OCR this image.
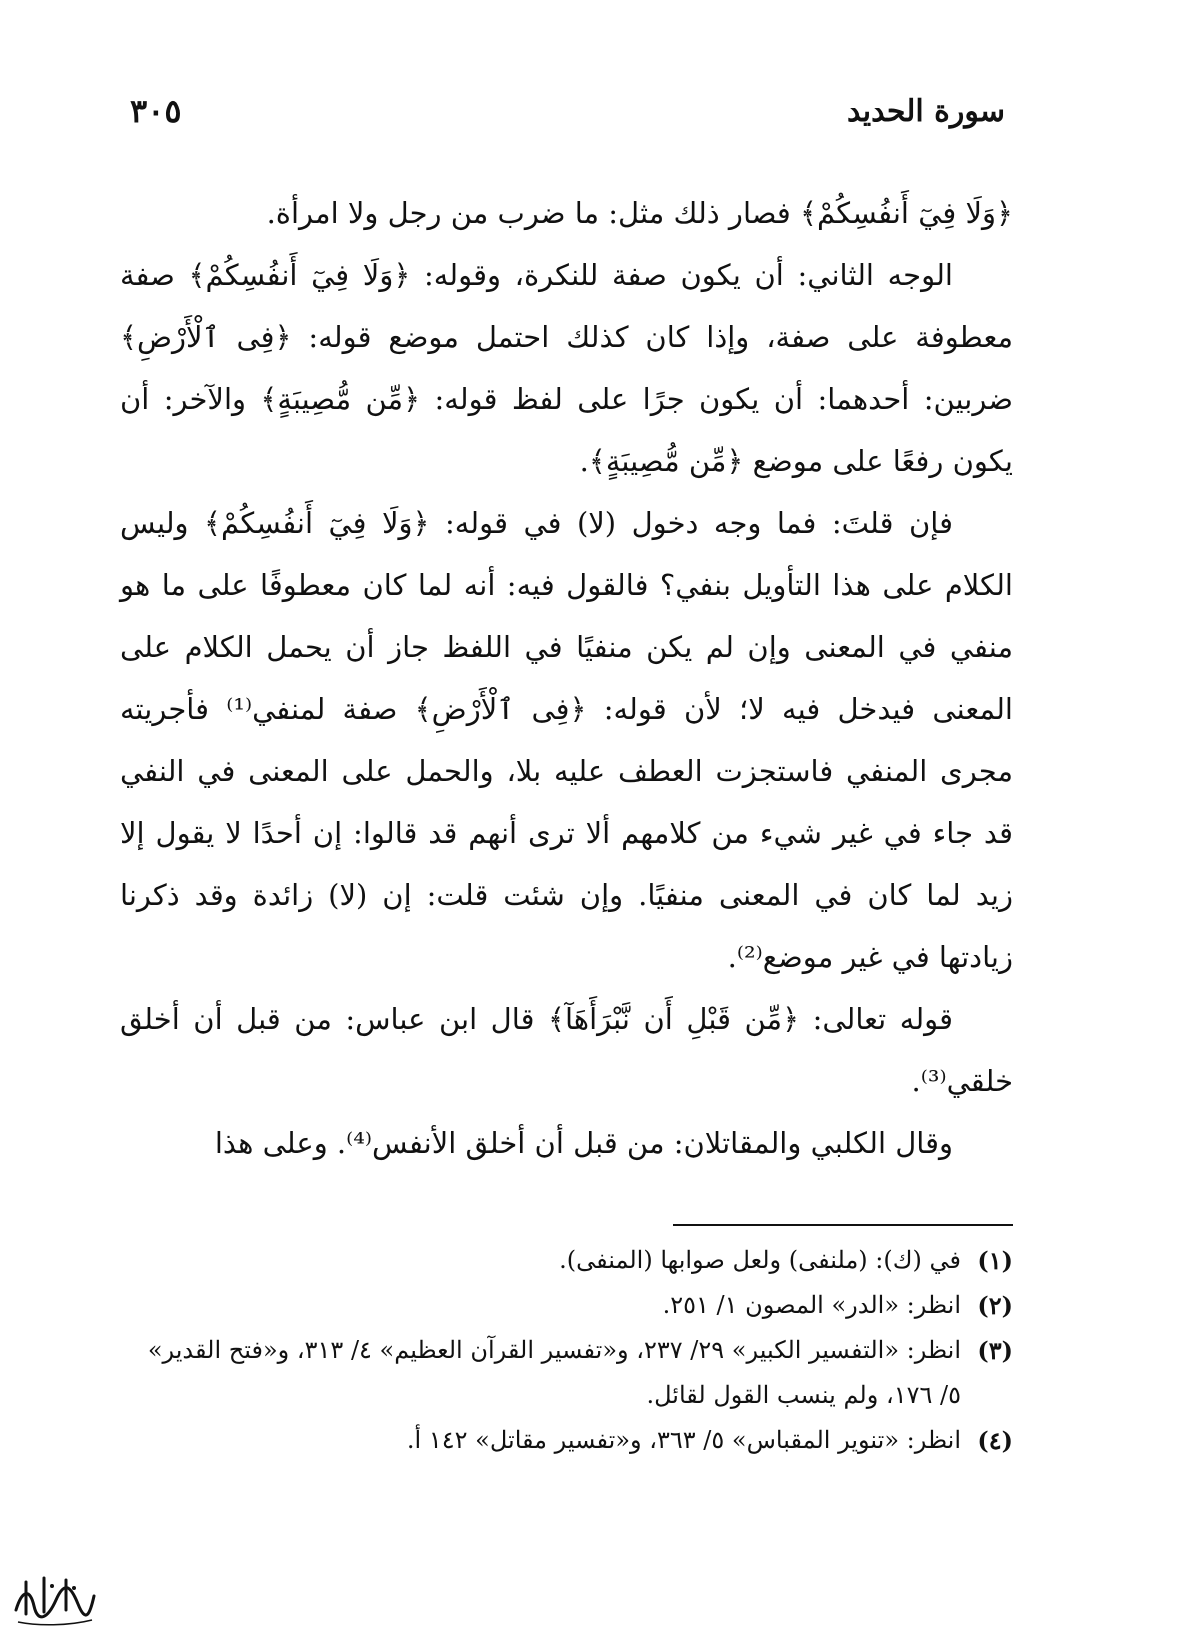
سورة الحديد
٣٠٥

﴿وَلَا فِيٓ أَنفُسِكُمْ﴾ فصار ذلك مثل: ما ضرب من رجل ولا امرأة.

الوجه الثاني: أن يكون صفة للنكرة، وقوله: ﴿وَلَا فِيٓ أَنفُسِكُمْ﴾ صفة معطوفة على صفة، وإذا كان كذلك احتمل موضع قوله: ﴿فِى ٱلْأَرْضِ﴾ ضربين: أحدهما: أن يكون جرًا على لفظ قوله: ﴿مِّن مُّصِيبَةٍ﴾ والآخر: أن يكون رفعًا على موضع ﴿مِّن مُّصِيبَةٍ﴾.

فإن قلتَ: فما وجه دخول (لا) في قوله: ﴿وَلَا فِيٓ أَنفُسِكُمْ﴾ وليس الكلام على هذا التأويل بنفي؟ فالقول فيه: أنه لما كان معطوفًا على ما هو منفي في المعنى وإن لم يكن منفيًا في اللفظ جاز أن يحمل الكلام على المعنى فيدخل فيه لا؛ لأن قوله: ﴿فِى ٱلْأَرْضِ﴾ صفة لمنفي⁽¹⁾ فأجريته مجرى المنفي فاستجزت العطف عليه بلا، والحمل على المعنى في النفي قد جاء في غير شيء من كلامهم ألا ترى أنهم قد قالوا: إن أحدًا لا يقول إلا زيد لما كان في المعنى منفيًا. وإن شئت قلت: إن (لا) زائدة وقد ذكرنا زيادتها في غير موضع⁽²⁾.

قوله تعالى: ﴿مِّن قَبْلِ أَن نَّبْرَأَهَآ﴾ قال ابن عباس: من قبل أن أخلق خلقي⁽³⁾.

وقال الكلبي والمقاتلان: من قبل أن أخلق الأنفس⁽⁴⁾. وعلى هذا

(١)
في (ك): (ملنفى) ولعل صوابها (المنفى).
(٢)
انظر: «الدر» المصون ١/ ٢٥١.
(٣)
انظر: «التفسير الكبير» ٢٩/ ٢٣٧، و«تفسير القرآن العظيم» ٤/ ٣١٣، و«فتح القدير» ٥/ ١٧٦، ولم ينسب القول لقائل.
(٤)
انظر: «تنوير المقباس» ٥/ ٣٦٣، و«تفسير مقاتل» ١٤٢ أ.
